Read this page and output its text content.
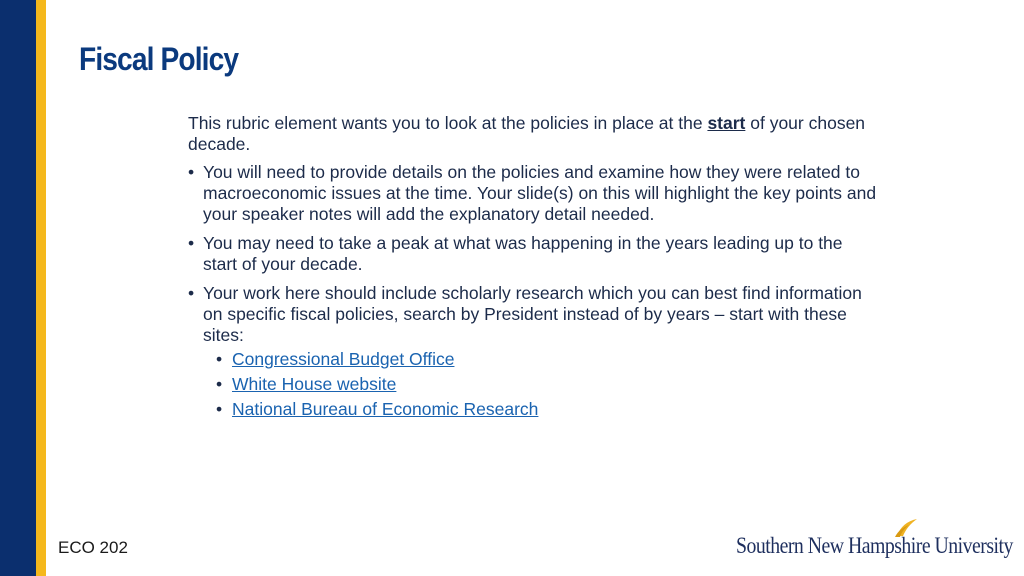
Fiscal Policy

This rubric element wants you to look at the policies in place at the start of your chosen decade.

• You will need to provide details on the policies and examine how they were related to macroeconomic issues at the time. Your slide(s) on this will highlight the key points and your speaker notes will add the explanatory detail needed.
• You may need to take a peak at what was happening in the years leading up to the start of your decade.
• Your work here should include scholarly research which you can best find information on specific fiscal policies, search by President instead of by years – start with these sites:
• Congressional Budget Office
• White House website
• National Bureau of Economic Research
ECO 202	Southern New Hampshire University
